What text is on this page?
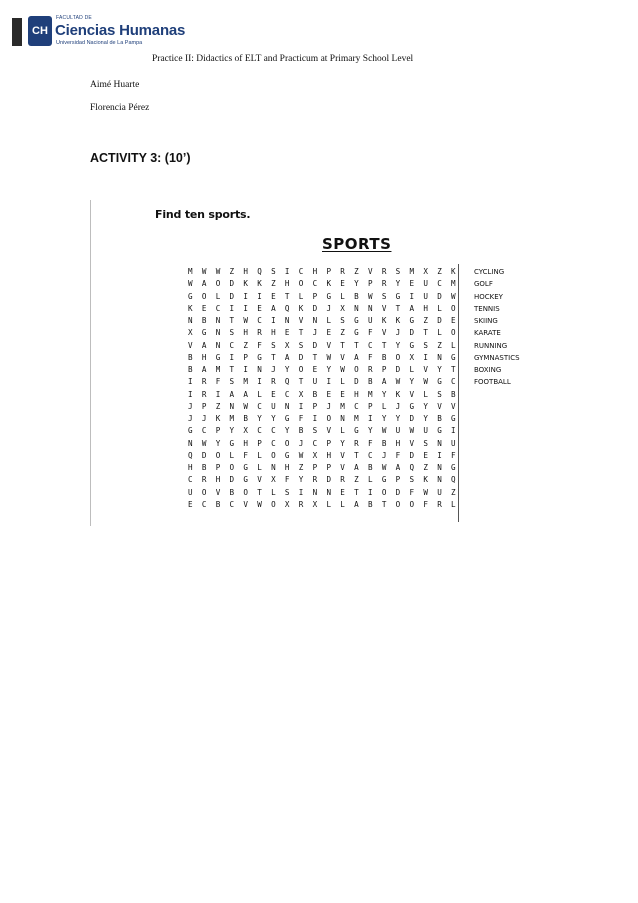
CH
FACULTAD DE
Ciencias Humanas
Universidad Nacional de La Pampa
Practice II: Didactics of ELT and Practicum at Primary School Level
Aimé Huarte
Florencia Pérez
ACTIVITY 3: (10’)
Find ten sports.
SPORTS
M W W Z H Q S I C H P R Z V R S M X Z K
W A O D K K Z H O C K E Y P R Y E U C M
G O L D I I E T L P G L B W S G I U D W
K E C I I E A Q K D J X N N V T A H L O
N B N T W C I N V N L S G U K K G Z D E
X G N S H R H E T J E Z G F V J D T L O
V A N C Z F S X S D V T T C T Y G S Z L
B H G I P G T A D T W V A F B O X I N G
B A M T I N J Y O E Y W O R P D L V Y T
I R F S M I R Q T U I L D B A W Y W G C
I R I A A L E C X B E E H M Y K V L S B
J P Z N W C U N I P J M C P L J G Y V V
J J K M B Y Y G F I O N M I Y Y D Y B G
G C P Y X C C Y B S V L G Y W U W U G I
N W Y G H P C O J C P Y R F B H V S N U
Q D O L F L O G W X H V T C J F D E I F
H B P O G L N H Z P P V A B W A Q Z N G
C R H D G V X F Y R D R Z L G P S K N Q
U O V B O T L S I N N E T I O D F W U Z
E C B C V W O X R X L L A B T O O F R L
CYCLING
GOLF
HOCKEY
TENNIS
SKIING
KARATE
RUNNING
GYMNASTICS
BOXING
FOOTBALL
